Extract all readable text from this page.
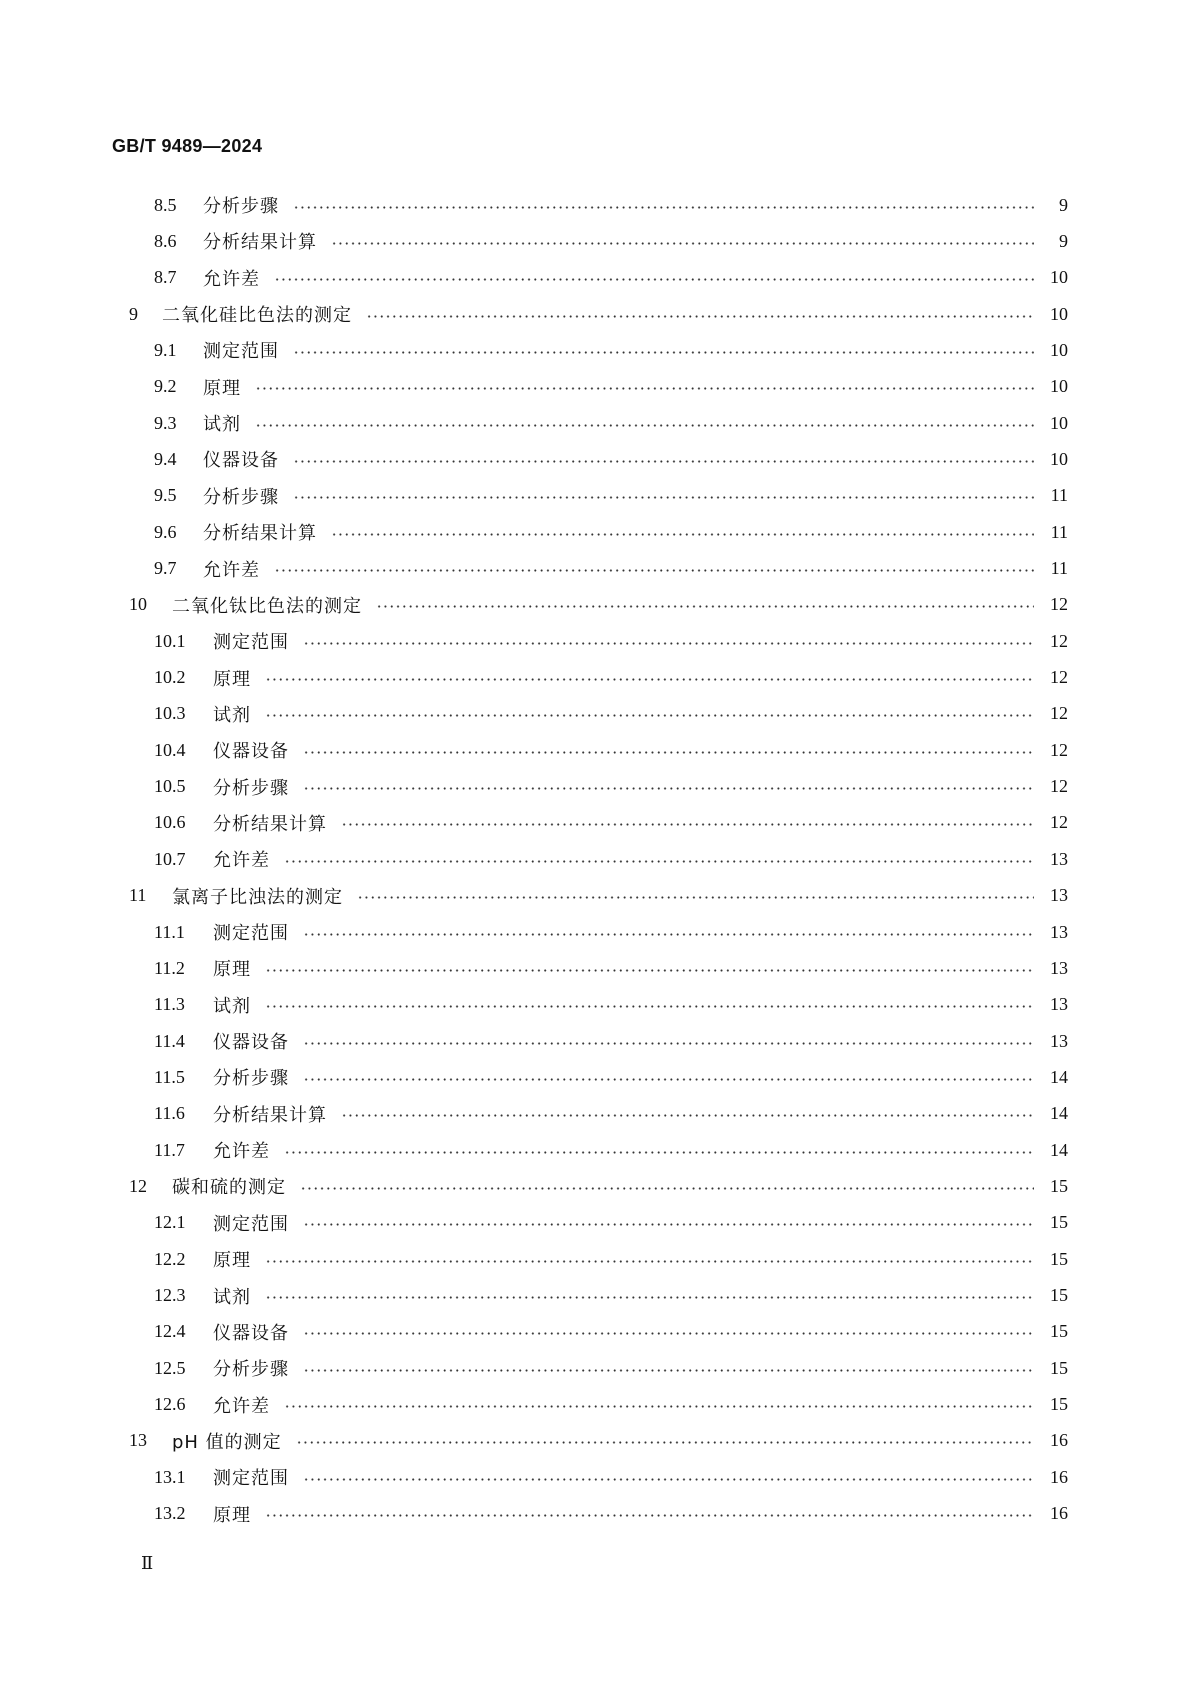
GB/T 9489—2024
8.5	分析步骤	9
8.6	分析结果计算	9
8.7	允许差	10
9	二氧化硅比色法的测定	10
9.1	测定范围	10
9.2	原理	10
9.3	试剂	10
9.4	仪器设备	10
9.5	分析步骤	11
9.6	分析结果计算	11
9.7	允许差	11
10	二氧化钛比色法的测定	12
10.1	测定范围	12
10.2	原理	12
10.3	试剂	12
10.4	仪器设备	12
10.5	分析步骤	12
10.6	分析结果计算	12
10.7	允许差	13
11	氯离子比浊法的测定	13
11.1	测定范围	13
11.2	原理	13
11.3	试剂	13
11.4	仪器设备	13
11.5	分析步骤	14
11.6	分析结果计算	14
11.7	允许差	14
12	碳和硫的测定	15
12.1	测定范围	15
12.2	原理	15
12.3	试剂	15
12.4	仪器设备	15
12.5	分析步骤	15
12.6	允许差	15
13	pH 值的测定	16
13.1	测定范围	16
13.2	原理	16
Ⅱ
